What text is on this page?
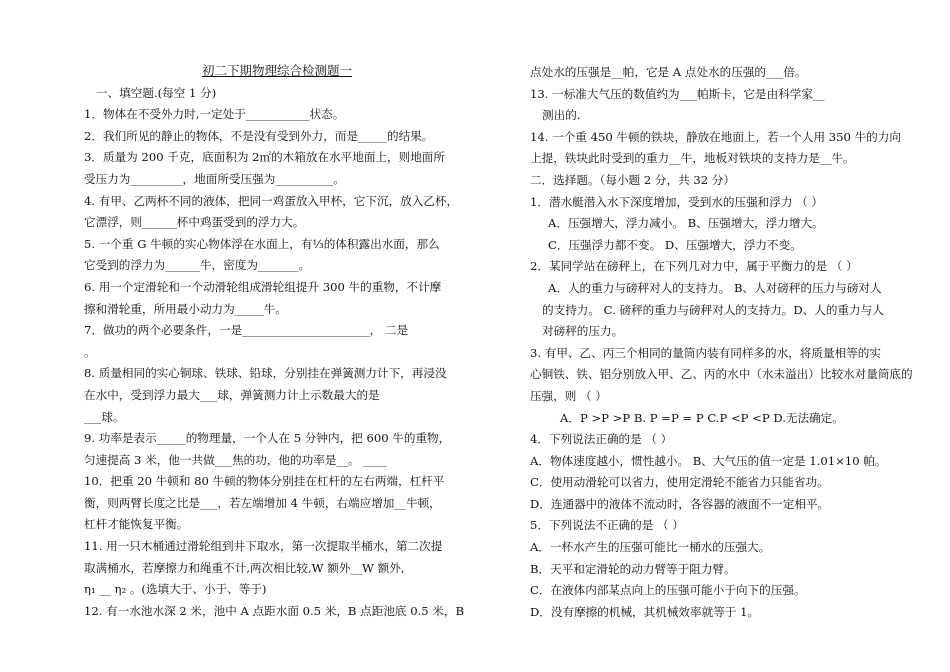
初二下期物理综合检测题一
一、填空题.(每空 1 分)
1．物体在不受外力时,一定处于___________状态。
2．我们所见的静止的物体，不是没有受到外力，而是_____的结果。
3．质量为 200 千克，底面积为 2㎡的木箱放在水平地面上，则地面所
受压力为_________，地面所受压强为__________。
4. 有甲、乙两杯不同的液体，把同一鸡蛋放入甲杯，它下沉，放入乙杯，
它漂浮，则______杯中鸡蛋受到的浮力大。
5. 一个重 G 牛顿的实心物体浮在水面上，有⅓的体积露出水面，那么
它受到的浮力为______牛，密度为_______。
6. 用一个定滑轮和一个动滑轮组成滑轮组提升 300 牛的重物，不计摩
擦和滑轮重，所用最小动力为_____牛。
7．做功的两个必要条件，一是______________________， 二是
。
8. 质量相同的实心铜球、铁球、铅球，分别挂在弹簧测力计下，再浸没
在水中，受到浮力最大___球，弹簧测力计上示数最大的是
___球。
9. 功率是表示_____的物理量，一个人在 5 分钟内，把 600 牛的重物，
匀速提高 3 米，他一共做___焦的功，他的功率是__。 ____
10．把重 20 牛顿和 80 牛顿的物体分别挂在杠杆的左右两端，杠杆平
衡，则两臂长度之比是___，若左端增加 4 牛顿，右端应增加__牛顿，
杠杆才能恢复平衡。
11. 用一只木桶通过滑轮组到井下取水，第一次提取半桶水，第二次提
取满桶水，若摩擦力和绳重不计,两次相比较,W 额外__W 额外,
η₁ __ η₂ 。(选填大于、小于、等于)
12. 有一水池水深 2 米，池中 A 点距水面 0.5 米，B 点距池底 0.5 米，B
点处水的压强是__帕，它是 A 点处水的压强的___倍。
13. 一标准大气压的数值约为___帕斯卡，它是由科学家__
测出的.
14. 一个重 450 牛顿的铁块，静放在地面上，若一个人用 350 牛的力向
上提，铁块此时受到的重力__牛，地板对铁块的支持力是__牛。
二．选择题。（每小题 2 分，共 32 分）
1．潜水艇潜入水下深度增加，受到水的压强和浮力 （ ）
A．压强增大，浮力减小。 B、压强增大，浮力增大。
C．压强浮力都不变。 D、压强增大，浮力不变。
2．某同学站在磅秤上，在下列几对力中，属于平衡力的是 （ ）
A．人的重力与磅秤对人的支持力。 B、人对磅秤的压力与磅对人
的支持力。 C. 磅秤的重力与磅秤对人的支持力。D、人的重力与人
对磅秤的压力。
3. 有甲、乙、丙三个相同的量筒内装有同样多的水，将质量相等的实
心铜铁、铁、铝分别放入甲、乙、丙的水中（水未溢出）比较水对量筒底的
压强，则 （ ）
A．P >P >P B. P =P = P C.P <P <P D.无法确定。
4．下列说法正确的是 （ ）
A．物体速度越小，惯性越小。 B、大气压的值一定是 1.01×10 帕。
C．使用动滑轮可以省力，使用定滑轮不能省力只能省功。
D．连通器中的液体不流动时，各容器的液面不一定相平。
5．下列说法不正确的是 （ ）
A．一杯水产生的压强可能比一桶水的压强大。
B．天平和定滑轮的动力臂等于阻力臂。
C．在液体内部某点向上的压强可能小于向下的压强。
D．没有摩擦的机械，其机械效率就等于 1。
